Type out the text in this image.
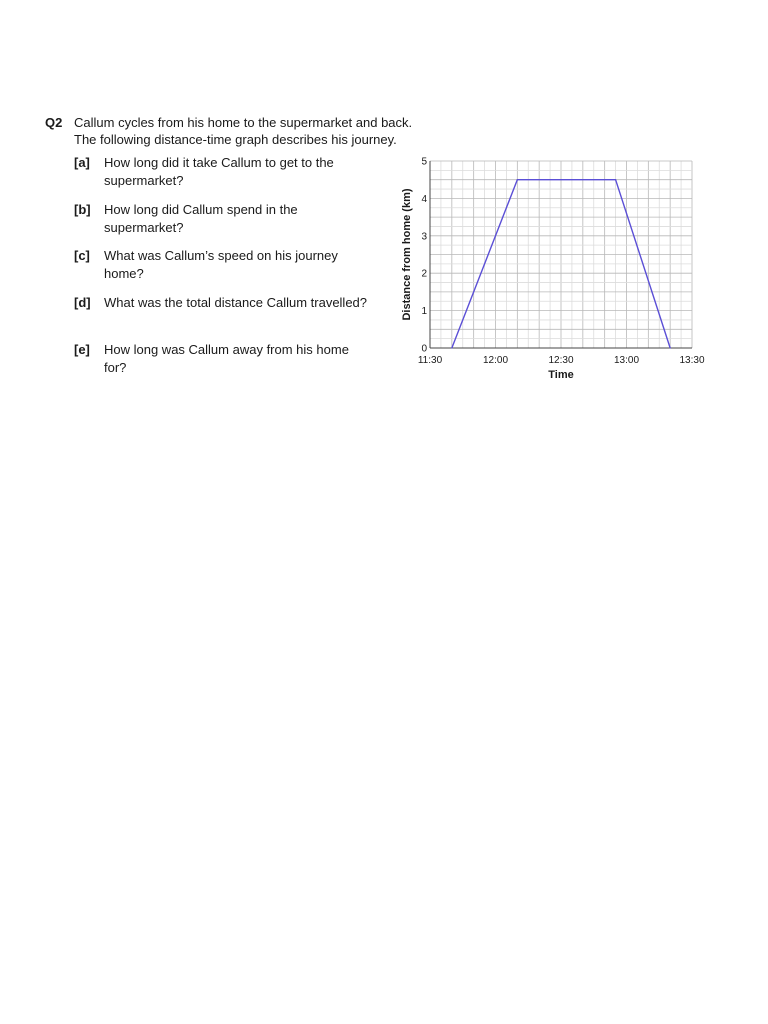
Q2 Callum cycles from his home to the supermarket and back.
The following distance-time graph describes his journey.
[a] How long did it take Callum to get to the supermarket?
[b] How long did Callum spend in the supermarket?
[c] What was Callum’s speed on his journey home?
[d] What was the total distance Callum travelled?
[e] How long was Callum away from his home for?
0
1
2
3
4
5
11:30	12:00	12:30	13:00	13:30
Time
Distance from home (km)
